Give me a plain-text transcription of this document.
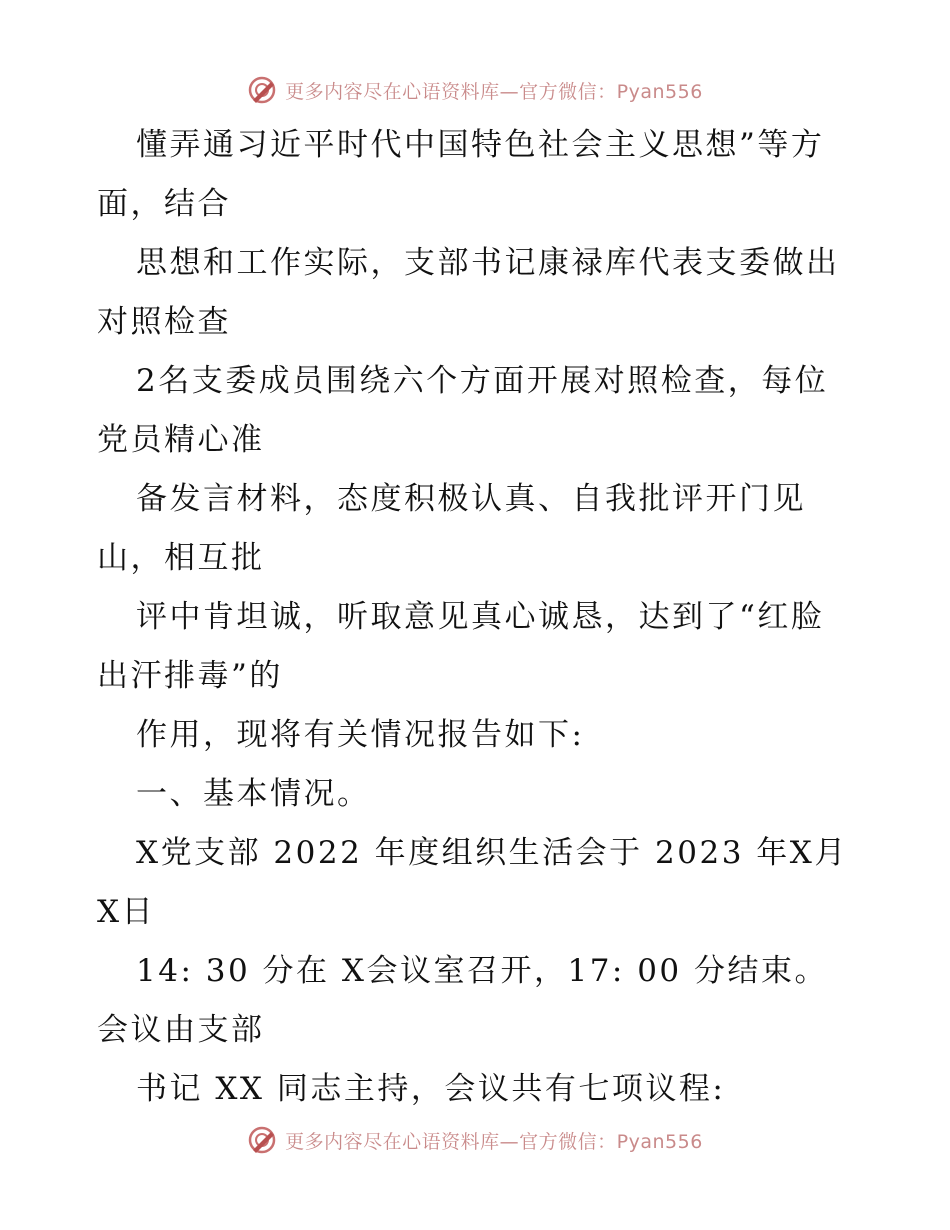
更多内容尽在心语资料库—官方微信：Pyan556
懂弄通习近平时代中国特色社会主义思想”等方
面，结合
思想和工作实际，支部书记康禄库代表支委做出
对照检查
2名支委成员围绕六个方面开展对照检查，每位
党员精心准
备发言材料，态度积极认真、自我批评开门见
山，相互批
评中肯坦诚，听取意见真心诚恳，达到了“红脸
出汗排毒”的
作用，现将有关情况报告如下:
一、基本情况。
X党支部 2022 年度组织生活会于 2023 年X月
X日
14: 30 分在 X会议室召开，17: 00 分结束。
会议由支部
书记 XX 同志主持，会议共有七项议程:
更多内容尽在心语资料库—官方微信：Pyan556
